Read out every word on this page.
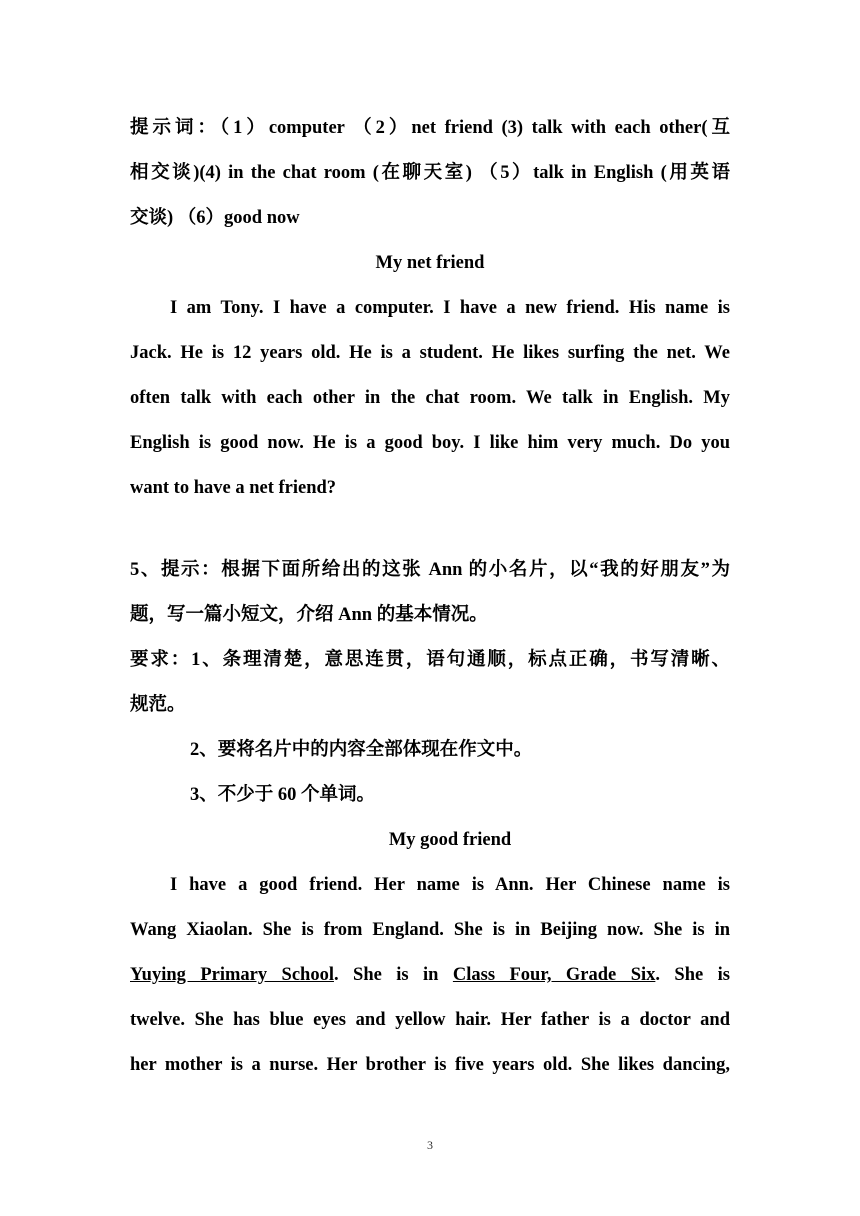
提示词：（1）computer （2）net friend (3) talk with each other(互
相交谈)(4) in the chat room (在聊天室) （5）talk in English (用英语
交谈) （6）good now
My net friend
I am Tony. I have a computer. I have a new friend. His name is
Jack. He is 12 years old. He is a student. He likes surfing the net. We
often talk with each other in the chat room. We talk in English. My
English is good now. He is a good boy. I like him very much. Do you
want to have a net friend?
5、提示：根据下面所给出的这张 Ann 的小名片，以“我的好朋友”为
题，写一篇小短文，介绍 Ann 的基本情况。
要求：1、条理清楚，意思连贯，语句通顺，标点正确，书写清晰、
规范。
2、要将名片中的内容全部体现在作文中。
3、不少于 60 个单词。
My good friend
I have a good friend. Her name is Ann. Her Chinese name is
Wang Xiaolan. She is from England. She is in Beijing now. She is in
Yuying Primary School. She is in Class Four, Grade Six. She is
twelve. She has blue eyes and yellow hair. Her father is a doctor and
her mother is a nurse. Her brother is five years old. She likes dancing,
3
